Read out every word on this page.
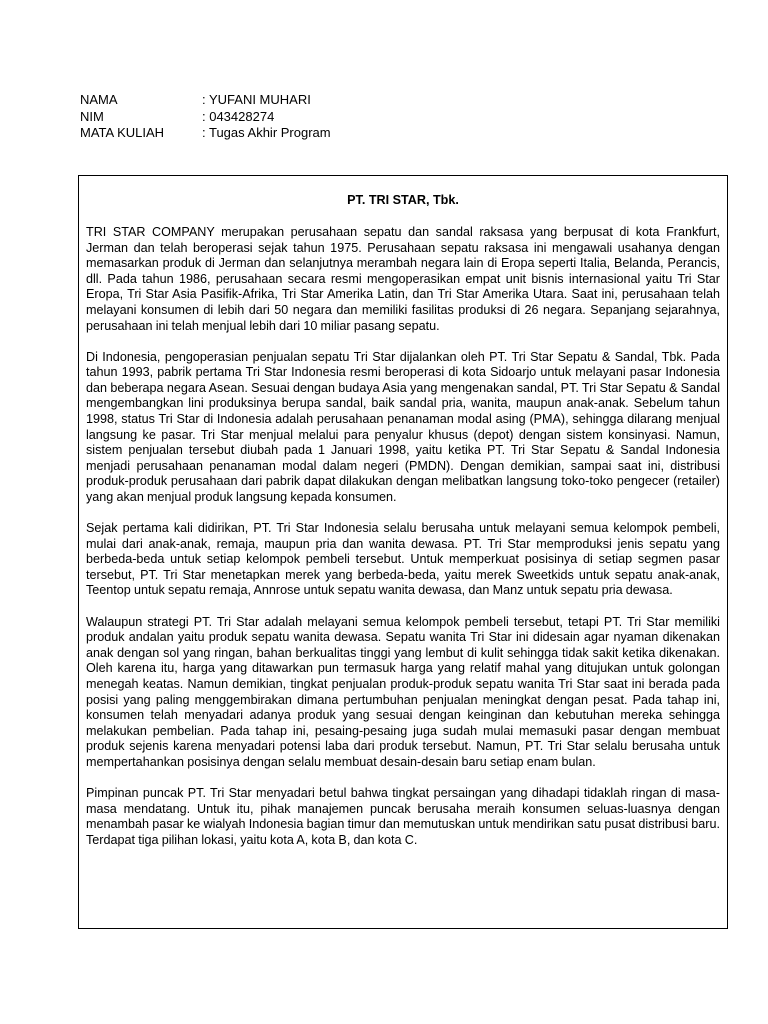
NAMA	: YUFANI MUHARI
NIM	: 043428274
MATA KULIAH	: Tugas Akhir Program
PT. TRI STAR, Tbk.

TRI STAR COMPANY merupakan perusahaan sepatu dan sandal raksasa yang berpusat di kota Frankfurt, Jerman dan telah beroperasi sejak tahun 1975. Perusahaan sepatu raksasa ini mengawali usahanya dengan memasarkan produk di Jerman dan selanjutnya merambah negara lain di Eropa seperti Italia, Belanda, Perancis, dll. Pada tahun 1986, perusahaan secara resmi mengoperasikan empat unit bisnis internasional yaitu Tri Star Eropa, Tri Star Asia Pasifik-Afrika, Tri Star Amerika Latin, dan Tri Star Amerika Utara. Saat ini, perusahaan telah melayani konsumen di lebih dari 50 negara dan memiliki fasilitas produksi di 26 negara. Sepanjang sejarahnya, perusahaan ini telah menjual lebih dari 10 miliar pasang sepatu.

Di Indonesia, pengoperasian penjualan sepatu Tri Star dijalankan oleh PT. Tri Star Sepatu & Sandal, Tbk. Pada tahun 1993, pabrik pertama Tri Star Indonesia resmi beroperasi di kota Sidoarjo untuk melayani pasar Indonesia dan beberapa negara Asean. Sesuai dengan budaya Asia yang mengenakan sandal, PT. Tri Star Sepatu & Sandal mengembangkan lini produksinya berupa sandal, baik sandal pria, wanita, maupun anak-anak. Sebelum tahun 1998, status Tri Star di Indonesia adalah perusahaan penanaman modal asing (PMA), sehingga dilarang menjual langsung ke pasar. Tri Star menjual melalui para penyalur khusus (depot) dengan sistem konsinyasi. Namun, sistem penjualan tersebut diubah pada 1 Januari 1998, yaitu ketika PT. Tri Star Sepatu & Sandal Indonesia menjadi perusahaan penanaman modal dalam negeri (PMDN). Dengan demikian, sampai saat ini, distribusi produk-produk perusahaan dari pabrik dapat dilakukan dengan melibatkan langsung toko-toko pengecer (retailer) yang akan menjual produk langsung kepada konsumen.

Sejak pertama kali didirikan, PT. Tri Star Indonesia selalu berusaha untuk melayani semua kelompok pembeli, mulai dari anak-anak, remaja, maupun pria dan wanita dewasa. PT. Tri Star memproduksi jenis sepatu yang berbeda-beda untuk setiap kelompok pembeli tersebut. Untuk memperkuat posisinya di setiap segmen pasar tersebut, PT. Tri Star menetapkan merek yang berbeda-beda, yaitu merek Sweetkids untuk sepatu anak-anak, Teentop untuk sepatu remaja, Annrose untuk sepatu wanita dewasa, dan Manz untuk sepatu pria dewasa.

Walaupun strategi PT. Tri Star adalah melayani semua kelompok pembeli tersebut, tetapi PT. Tri Star memiliki produk andalan yaitu produk sepatu wanita dewasa. Sepatu wanita Tri Star ini didesain agar nyaman dikenakan anak dengan sol yang ringan, bahan berkualitas tinggi yang lembut di kulit sehingga tidak sakit ketika dikenakan. Oleh karena itu, harga yang ditawarkan pun termasuk harga yang relatif mahal yang ditujukan untuk golongan menegah keatas. Namun demikian, tingkat penjualan produk-produk sepatu wanita Tri Star saat ini berada pada posisi yang paling menggembirakan dimana pertumbuhan penjualan meningkat dengan pesat. Pada tahap ini, konsumen telah menyadari adanya produk yang sesuai dengan keinginan dan kebutuhan mereka sehingga melakukan pembelian. Pada tahap ini, pesaing-pesaing juga sudah mulai memasuki pasar dengan membuat produk sejenis karena menyadari potensi laba dari produk tersebut. Namun, PT. Tri Star selalu berusaha untuk mempertahankan posisinya dengan selalu membuat desain-desain baru setiap enam bulan.

Pimpinan puncak PT. Tri Star menyadari betul bahwa tingkat persaingan yang dihadapi tidaklah ringan di masa-masa mendatang. Untuk itu, pihak manajemen puncak berusaha meraih konsumen seluas-luasnya dengan menambah pasar ke wialyah Indonesia bagian timur dan memutuskan untuk mendirikan satu pusat distribusi baru. Terdapat tiga pilihan lokasi, yaitu kota A, kota B, dan kota C.
